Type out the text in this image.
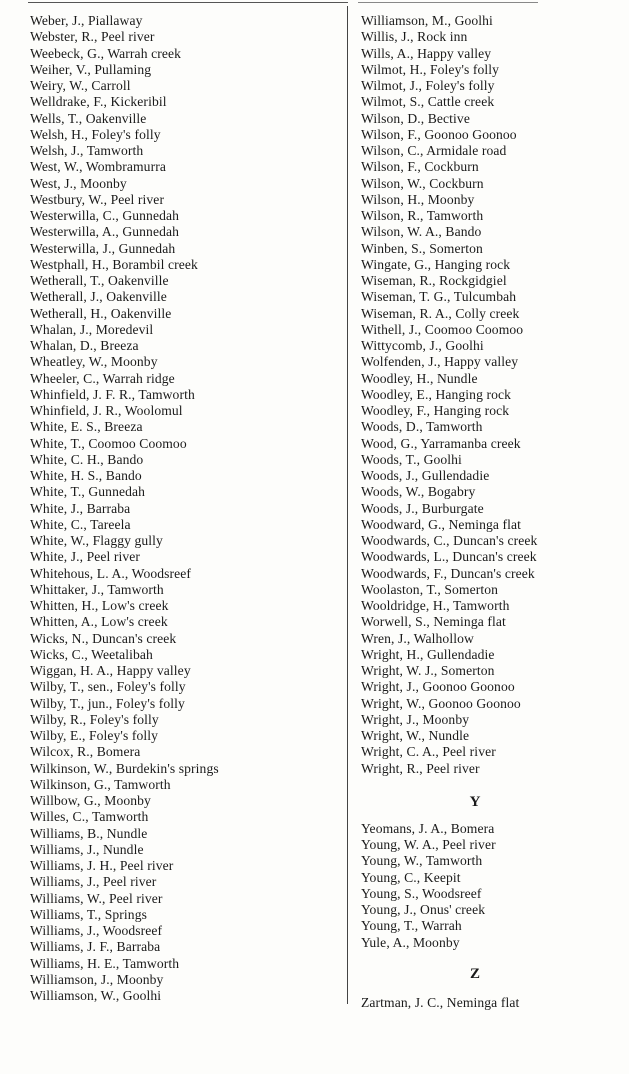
Weber, J., Piallaway
Webster, R., Peel river
Weebeck, G., Warrah creek
Weiher, V., Pullaming
Weiry, W., Carroll
Welldrake, F., Kickeribil
Wells, T., Oakenville
Welsh, H., Foley's folly
Welsh, J., Tamworth
West, W., Wombramurra
West, J., Moonby
Westbury, W., Peel river
Westerwilla, C., Gunnedah
Westerwilla, A., Gunnedah
Westerwilla, J., Gunnedah
Westphall, H., Borambil creek
Wetherall, T., Oakenville
Wetherall, J., Oakenville
Wetherall, H., Oakenville
Whalan, J., Moredevil
Whalan, D., Breeza
Wheatley, W., Moonby
Wheeler, C., Warrah ridge
Whinfield, J. F. R., Tamworth
Whinfield, J. R., Woolomul
White, E. S., Breeza
White, T., Coomoo Coomoo
White, C. H., Bando
White, H. S., Bando
White, T., Gunnedah
White, J., Barraba
White, C., Tareela
White, W., Flaggy gully
White, J., Peel river
Whitehous, L. A., Woodsreef
Whittaker, J., Tamworth
Whitten, H., Low's creek
Whitten, A., Low's creek
Wicks, N., Duncan's creek
Wicks, C., Weetalibah
Wiggan, H. A., Happy valley
Wilby, T., sen., Foley's folly
Wilby, T., jun., Foley's folly
Wilby, R., Foley's folly
Wilby, E., Foley's folly
Wilcox, R., Bomera
Wilkinson, W., Burdekin's springs
Wilkinson, G., Tamworth
Willbow, G., Moonby
Willes, C., Tamworth
Williams, B., Nundle
Williams, J., Nundle
Williams, J. H., Peel river
Williams, J., Peel river
Williams, W., Peel river
Williams, T., Springs
Williams, J., Woodsreef
Williams, J. F., Barraba
Williams, H. E., Tamworth
Williamson, J., Moonby
Williamson, W., Goolhi
Williamson, M., Goolhi
Willis, J., Rock inn
Wills, A., Happy valley
Wilmot, H., Foley's folly
Wilmot, J., Foley's folly
Wilmot, S., Cattle creek
Wilson, D., Bective
Wilson, F., Goonoo Goonoo
Wilson, C., Armidale road
Wilson, F., Cockburn
Wilson, W., Cockburn
Wilson, H., Moonby
Wilson, R., Tamworth
Wilson, W. A., Bando
Winben, S., Somerton
Wingate, G., Hanging rock
Wiseman, R., Rockgidgiel
Wiseman, T. G., Tulcumbah
Wiseman, R. A., Colly creek
Withell, J., Coomoo Coomoo
Wittycomb, J., Goolhi
Wolfenden, J., Happy valley
Woodley, H., Nundle
Woodley, E., Hanging rock
Woodley, F., Hanging rock
Woods, D., Tamworth
Wood, G., Yarramanba creek
Woods, T., Goolhi
Woods, J., Gullendadie
Woods, W., Bogabry
Woods, J., Burburgate
Woodward, G., Neminga flat
Woodwards, C., Duncan's creek
Woodwards, L., Duncan's creek
Woodwards, F., Duncan's creek
Woolaston, T., Somerton
Wooldridge, H., Tamworth
Worwell, S., Neminga flat
Wren, J., Walhollow
Wright, H., Gullendadie
Wright, W. J., Somerton
Wright, J., Goonoo Goonoo
Wright, W., Goonoo Goonoo
Wright, J., Moonby
Wright, W., Nundle
Wright, C. A., Peel river
Wright, R., Peel river
Y
Yeomans, J. A., Bomera
Young, W. A., Peel river
Young, W., Tamworth
Young, C., Keepit
Young, S., Woodsreef
Young, J., Onus' creek
Young, T., Warrah
Yule, A., Moonby
Z
Zartman, J. C., Neminga flat
